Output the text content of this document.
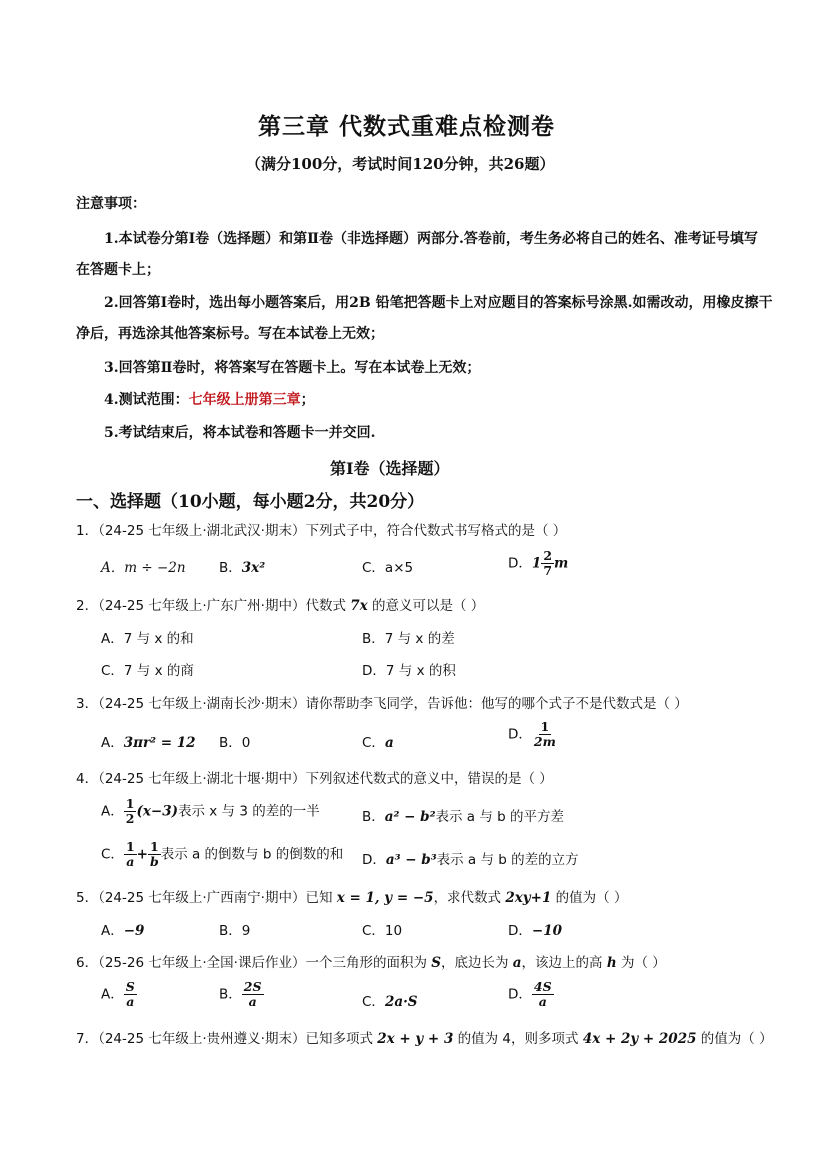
第三章 代数式重难点检测卷
（满分100分，考试时间120分钟，共26题）
注意事项：
1.本试卷分第Ⅰ卷（选择题）和第Ⅱ卷（非选择题）两部分.答卷前，考生务必将自己的姓名、准考证号填写
在答题卡上；
2.回答第Ⅰ卷时，选出每小题答案后，用2B 铅笔把答题卡上对应题目的答案标号涂黑.如需改动，用橡皮擦干
净后，再选涂其他答案标号。写在本试卷上无效；
3.回答第Ⅱ卷时，将答案写在答题卡上。写在本试卷上无效；
4.测试范围：七年级上册第三章；
5.考试结束后，将本试卷和答题卡一并交回.
第Ⅰ卷（选择题）
一、选择题（10小题，每小题2分，共20分）
1．（24-25 七年级上·湖北武汉·期末）下列式子中，符合代数式书写格式的是（ ）
A．m ÷ −2n B．3x²	C．a×5	D．$1 \frac{2}{7}$ m
2．（24-25 七年级上·广东广州·期中）代数式 7x 的意义可以是（ ）
A．7 与 x 的和	B．7 与 x 的差
C．7 与 x 的商	D．7 与 x 的积
3．（24-25 七年级上·湖南长沙·期末）请你帮助李飞同学，告诉他：他写的哪个式子不是代数式是（ ）
A．3πr² = 12 B．0	C．a
D． $\frac{1}{2m}$
4．（24-25 七年级上·湖北十堰·期中）下列叙述代数式的意义中，错误的是（ ）
A． $\frac{1}{2} (x-3)$表示 x 与 3 的差的一半	B．a² − b²表示 a 与 b 的平方差
C． $\frac{1}{a} + \frac{1}{b}$ 表示 a 的倒数与 b 的倒数的和 D．a³ − b³表示 a 与 b 的差的立方
5．（24-25 七年级上·广西南宁·期中）已知 x = 1, y = −5，求代数式 2xy+1 的值为（ ）
A．−9	B．9	C．10	D．−10
6．（25-26 七年级上·全国·课后作业）一个三角形的面积为 S，底边长为 a，该边上的高 h 为（ ）
A． $\frac{S}{a}$	B． $\frac{2S}{a}$	C．2a·S	D． $\frac{4S}{a}$
7．（24-25 七年级上·贵州遵义·期末）已知多项式 2x + y + 3 的值为 4，则多项式 4x + 2y + 2025 的值为（ ）
